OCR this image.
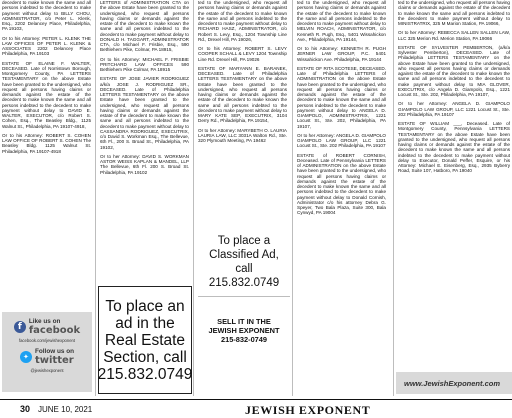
decedent to make known the same and all persons indebted to the decedent to make payment without delay to BILLY CHOU, ADMINISTRATOR, c/o Peter L. Klenk, Esq., 2202 Delancey Place, Philadelphia, PA 19103,

Or to his Attorney: PETER L. KLENK THE LAW OFFICES OF PETER L. KLENK & ASSOCIATES 2202 Delancey Place Philadelphia, PA 19103

ESTATE OF ELAINE F. WALTER, DECEASED. Late of Norristown Borough, Montgomery County, PA LETTERS TESTAMENTARY on the above Estate have been granted to the undersigned, who request all persons having claims or demands against the estate of the decedent to make known the same and all persons indebted to the decedent to make payment without delay to DAVID E. WALTER, EXECUTOR, c/o Robert S. Cohen, Esq., The Beasley Bldg., 1125 Walnut St., Philadelphia, PA 19107-4918,

Or to his Attorney: ROBERT S. COHEN LAW OFFICE OF ROBERT S. COHEN The Beasley Bldg. 1125 Walnut St. Philadelphia, PA 19107-4918

f
Like us on
facebook
facebook.com/jewishexponent
✦
Follow us on
twitter
@jewishexponent

LETTERS of ADMINISTRATION CTA on the above Estate have been granted to the undersigned, who request all persons having claims or demands against the estate of the decedent to make known the same and all persons indebted to the decedent to make payment without delay to DONALD H. TAGGART, ADMINISTRATOR CTA, c/o Michael F. Frisbie, Esq., 590 Bethlehem Pike, Colmar, PA 18915,

Or to his Attorney: MICHAEL F. FRISBIE PRITCHARD LAW OFFICES 590 Bethlehem Pike Colmar, PA 18915

ESTATE OF JOSE JAVIER RODRIGUEZ a/k/a JOSE J. RODRIGUEZ SR., DECEASED. Late of Philadelphia LETTERS TESTAMENTARY on the above Estate have been granted to the undersigned, who request all persons having claims or demands against the estate of the decedent to make known the same and all persons indebted to the decedent to make payment without delay to CASSANDRA RODRIGUEZ, EXECUTRIX, c/o David S. Workman Esq., The Bellevue, 6th Fl., 200 S. Broad St., Philadelphia, PA 19102,

Or to her Attorney: DAVID S. WORKMAN ASTOR WEISS KAPLAN & MANDEL, LLP The Bellevue, 6th Fl. 200 S. Broad St. Philadelphia, PA 19102

To place an
ad in the
Real Estate
Section, call
215.832.0749

ted to the undersigned, who request all persons having claims or demands against the estate of the decedent to make known the same and all persons indebted to the decedent to make payment without delay to RICHARD HASZ, ADMINISTRATOR, c/o Robert S. Levy, Esq., 1204 Township Line Rd., Drexel Hill, PA 19026,

Or to his Attorney: ROBERT S. LEVY COOPER SCHALL & LEVY 1204 Township Line Rd. Drexel Hill, PA 19026

ESTATE OF MARYANN E. BARANEK, DECEASED. Late of Philadelphia LETTERS TESTAMENTARY on the above Estate have been granted to the undersigned, who request all persons having claims or demands against the estate of the decedent to make known the same and all persons indebted to the decedent to make payment without delay to MARY KATE SEP, EXECUTRIX, 3104 Derry Rd., Philadelphia, PA 19154,

Or to her Attorney: MARYBETH O. LAURIA LAURIA LAW, LLC 3031A Walton Rd., Ste. 320 Plymouth Meeting, PA 19462

To place a
Classified Ad,
call 215.832.0749
SELL IT IN THE
JEWISH EXPONENT
215-832-0749

ted to the undersigned, who request all persons having claims or demands against the estate of the decedent to make known the same and all persons indebted to the decedent to make payment without delay to MELVIN ROACH, ADMINISTRATOR, c/o Kenneth R. Pugh, Esq., 5401 Wissahickon Ave., Philadelphia, PA 19144,

Or to his Attorney: KENNETH R. PUGH JERNER LAW GROUP, P.C. 5401 Wissahickon Ave. Philadelphia, PA 19144

ESTATE OF RITA SCOTESE, DECEASED. Late of Philadelphia LETTERS of ADMINISTRATION on the above Estate have been granted to the undersigned, who request all persons having claims or demands against the estate of the decedent to make known the same and all persons indebted to the decedent to make payment without delay to ANGELA D. GIAMPOLO, ADMINISTRATRIX, 1221 Locust St., Ste. 202, Philadelphia, PA 19107,

Or to her Attorney: ANGELA D. GIAMPOLO GIAMPOLO LAW GROUP, LLC 1221 Locust St., Ste. 202 Philadelphia, PA 19107

ESTATE of ROBERT CORNISH, Deceased. Late of Pennsylvania LETTERS of ADMINISTRATION on the above Estate have been granted to the undersigned, who request all persons having claims or demands against the estate of the decedent to make known the same and all persons indebted to the decedent to make payment without delay to Donald Cornish, Administrator c/o his attorney Debra G. Speyer, Two Bala Plaza, Suite 300, Bala Cynwyd, PA 19004

ted to the undersigned, who request all persons having claims or demands against the estate of the decedent to make known the same and all persons indebted to the decedent to make payment without delay to MINISTRATRIX, 325 M Marion Station, PA 19066,

Or to her Attorney: REBECCA SALLEN SALLEN LAW, LLC 325 Merion Rd. Merion Station, PA 19066

ESTATE OF SYLVESTER PEMBERTON, (a/k/a Sylvester Pemberton), DECEASED. Late of Philadelphia LETTERS TESTAMENTARY on the above Estate have been granted to the undersigned, who request all persons having claims or demands against the estate of the decedent to make known the same and all persons indebted to the decedent to make payment without delay to MIA GLOVER, EXECUTRIX, c/o Angela D. Giampolo, Esq., 1221 Locust St., Ste. 202, Philadelphia, PA 19107,

Or to her Attorney: ANGELA D. GIAMPOLO GIAMPOLO LAW GROUP, LLC 1221 Locust St., Ste. 202 Philadelphia, PA 19107

ESTATE OF WILLIAM ___, Deceased. Late of Montgomery County, Pennsylvania LETTERS TESTAMENTARY on the above Estate have been granted to the undersigned, who request all persons having claims or demands against the estate of the decedent to make known the same and all persons indebted to the decedent to make payment without delay to Executor, Donald Peffer, Esquire, or his Attorney: Michael E. Eisenberg, Esq., 2935 Byberry Road, Suite 107, Hatboro, PA 19040

www.JewishExponent.com
30 JUNE 10, 2021	JEWISH EXPONENT
